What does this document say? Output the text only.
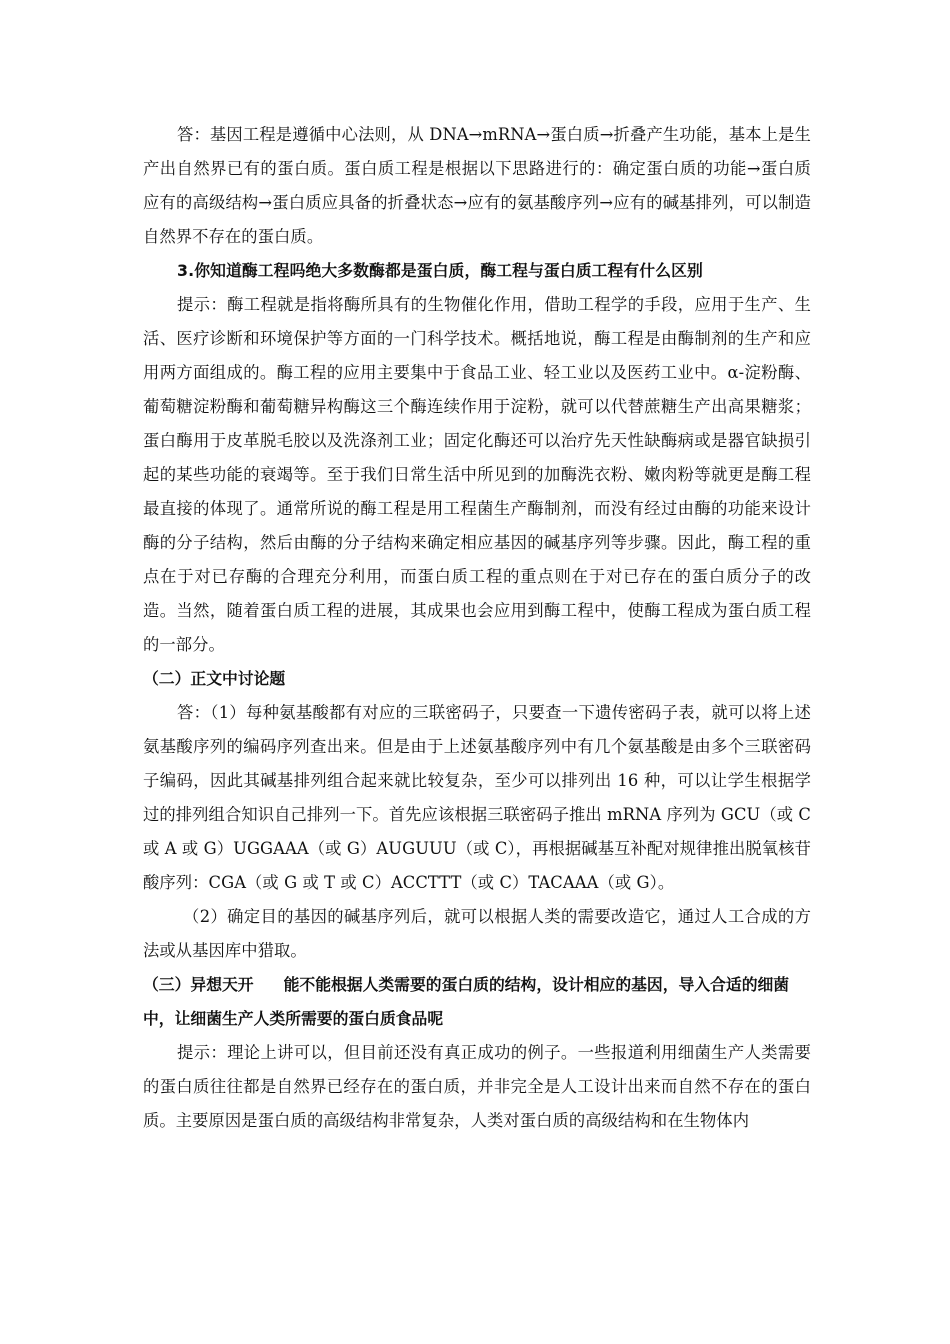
答：基因工程是遵循中心法则，从 DNA→mRNA→蛋白质→折叠产生功能，基本上是生产出自然界已有的蛋白质。蛋白质工程是根据以下思路进行的：确定蛋白质的功能→蛋白质应有的高级结构→蛋白质应具备的折叠状态→应有的氨基酸序列→应有的碱基排列，可以制造自然界不存在的蛋白质。

3.你知道酶工程吗绝大多数酶都是蛋白质，酶工程与蛋白质工程有什么区别

提示：酶工程就是指将酶所具有的生物催化作用，借助工程学的手段，应用于生产、生活、医疗诊断和环境保护等方面的一门科学技术。概括地说，酶工程是由酶制剂的生产和应用两方面组成的。酶工程的应用主要集中于食品工业、轻工业以及医药工业中。α-淀粉酶、葡萄糖淀粉酶和葡萄糖异构酶这三个酶连续作用于淀粉，就可以代替蔗糖生产出高果糖浆；蛋白酶用于皮革脱毛胶以及洗涤剂工业；固定化酶还可以治疗先天性缺酶病或是器官缺损引起的某些功能的衰竭等。至于我们日常生活中所见到的加酶洗衣粉、嫩肉粉等就更是酶工程最直接的体现了。通常所说的酶工程是用工程菌生产酶制剂，而没有经过由酶的功能来设计酶的分子结构，然后由酶的分子结构来确定相应基因的碱基序列等步骤。因此，酶工程的重点在于对已存酶的合理充分利用，而蛋白质工程的重点则在于对已存在的蛋白质分子的改造。当然，随着蛋白质工程的进展，其成果也会应用到酶工程中，使酶工程成为蛋白质工程的一部分。

（二）正文中讨论题

答：（1）每种氨基酸都有对应的三联密码子，只要查一下遗传密码子表，就可以将上述氨基酸序列的编码序列查出来。但是由于上述氨基酸序列中有几个氨基酸是由多个三联密码子编码，因此其碱基排列组合起来就比较复杂，至少可以排列出 16 种，可以让学生根据学过的排列组合知识自己排列一下。首先应该根据三联密码子推出 mRNA 序列为 GCU（或 C 或 A 或 G）UGGAAA（或 G）AUGUUU（或 C），再根据碱基互补配对规律推出脱氧核苷酸序列：CGA（或 G 或 T 或 C）ACCTTT（或 C）TACAAA（或 G）。

（2）确定目的基因的碱基序列后，就可以根据人类的需要改造它，通过人工合成的方法或从基因库中猎取。

（三）异想天开 能不能根据人类需要的蛋白质的结构，设计相应的基因，导入合适的细菌中，让细菌生产人类所需要的蛋白质食品呢

提示：理论上讲可以，但目前还没有真正成功的例子。一些报道利用细菌生产人类需要的蛋白质往往都是自然界已经存在的蛋白质，并非完全是人工设计出来而自然不存在的蛋白质。主要原因是蛋白质的高级结构非常复杂，人类对蛋白质的高级结构和在生物体内
